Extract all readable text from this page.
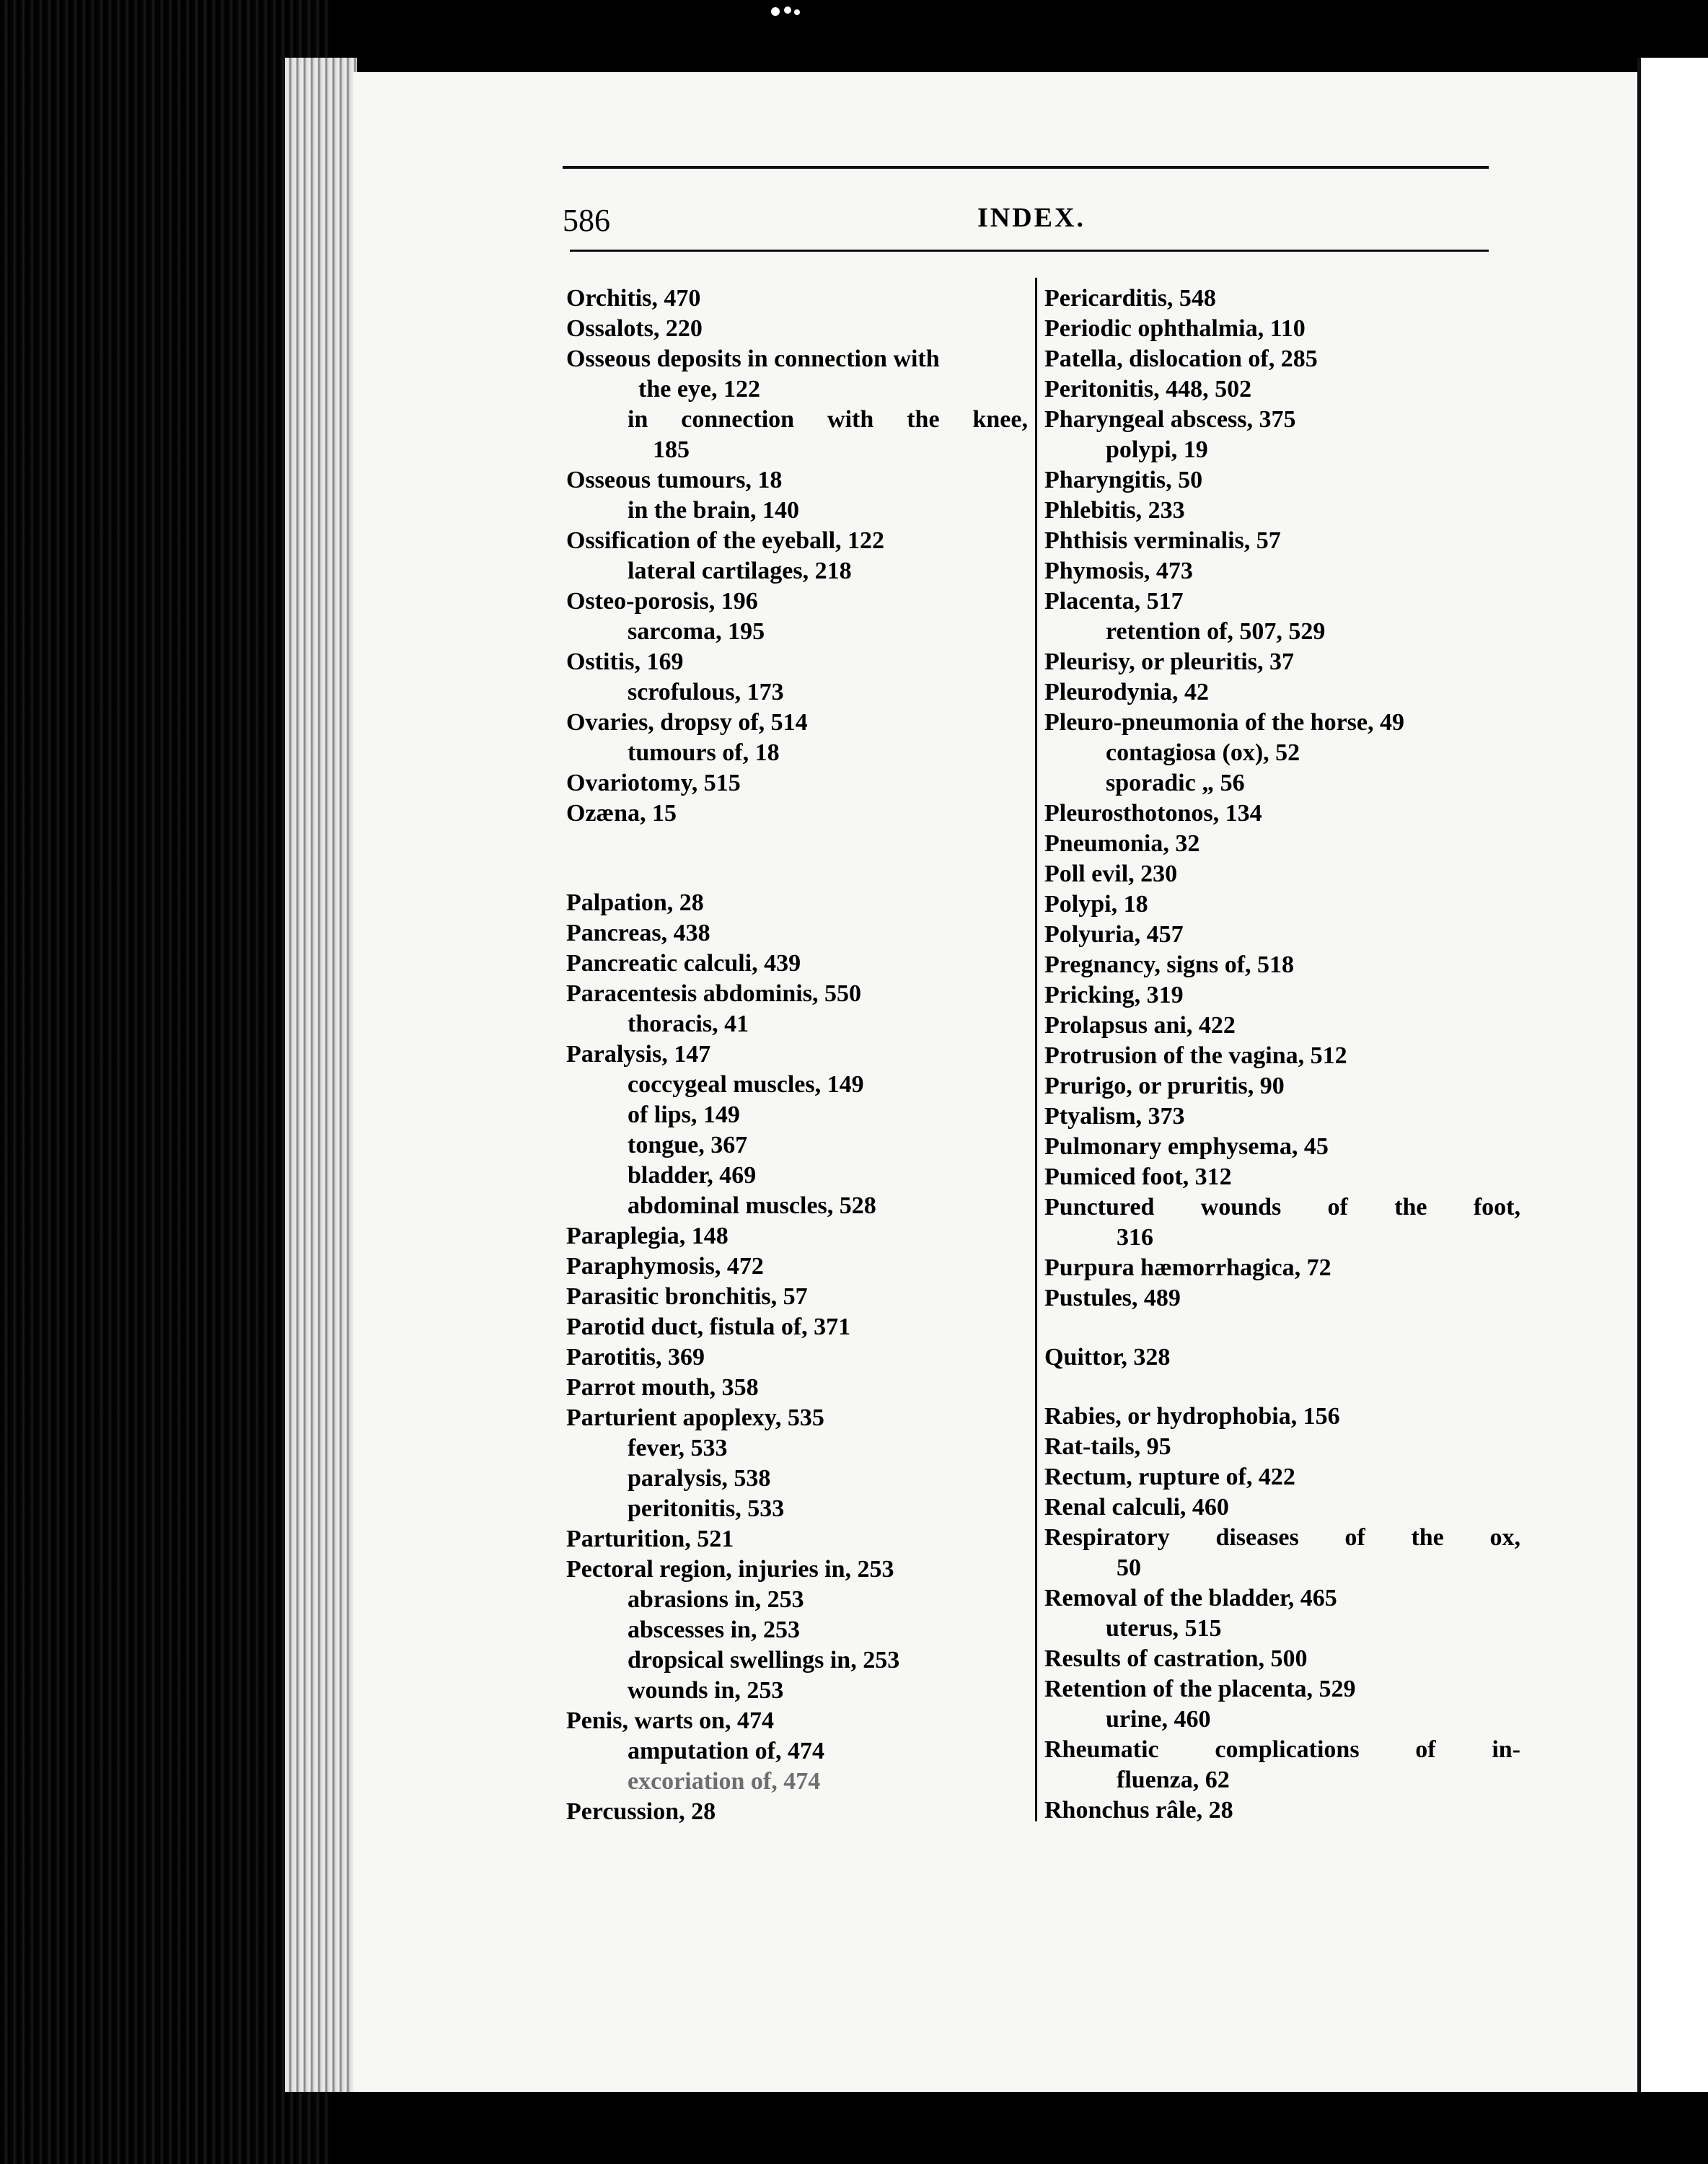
586	INDEX.
Orchitis, 470
Ossalots, 220
Osseous deposits in connection with
the eye, 122
in connection with the knee,
185
Osseous tumours, 18
in the brain, 140
Ossification of the eyeball, 122
lateral cartilages, 218
Osteo-porosis, 196
sarcoma, 195
Ostitis, 169
scrofulous, 173
Ovaries, dropsy of, 514
tumours of, 18
Ovariotomy, 515
Ozæna, 15
Palpation, 28
Pancreas, 438
Pancreatic calculi, 439
Paracentesis abdominis, 550
thoracis, 41
Paralysis, 147
coccygeal muscles, 149
of lips, 149
tongue, 367
bladder, 469
abdominal muscles, 528
Paraplegia, 148
Paraphymosis, 472
Parasitic bronchitis, 57
Parotid duct, fistula of, 371
Parotitis, 369
Parrot mouth, 358
Parturient apoplexy, 535
fever, 533
paralysis, 538
peritonitis, 533
Parturition, 521
Pectoral region, injuries in, 253
abrasions in, 253
abscesses in, 253
dropsical swellings in, 253
wounds in, 253
Penis, warts on, 474
amputation of, 474
excoriation of, 474
Percussion, 28
Pericarditis, 548
Periodic ophthalmia, 110
Patella, dislocation of, 285
Peritonitis, 448, 502
Pharyngeal abscess, 375
polypi, 19
Pharyngitis, 50
Phlebitis, 233
Phthisis verminalis, 57
Phymosis, 473
Placenta, 517
retention of, 507, 529
Pleurisy, or pleuritis, 37
Pleurodynia, 42
Pleuro-pneumonia of the horse, 49
contagiosa (ox), 52
sporadic „ 56
Pleurosthotonos, 134
Pneumonia, 32
Poll evil, 230
Polypi, 18
Polyuria, 457
Pregnancy, signs of, 518
Pricking, 319
Prolapsus ani, 422
Protrusion of the vagina, 512
Prurigo, or pruritis, 90
Ptyalism, 373
Pulmonary emphysema, 45
Pumiced foot, 312
Punctured wounds of the foot,
316
Purpura hæmorrhagica, 72
Pustules, 489
Quittor, 328
Rabies, or hydrophobia, 156
Rat-tails, 95
Rectum, rupture of, 422
Renal calculi, 460
Respiratory diseases of the ox,
50
Removal of the bladder, 465
uterus, 515
Results of castration, 500
Retention of the placenta, 529
urine, 460
Rheumatic complications of in-
fluenza, 62
Rhonchus râle, 28
